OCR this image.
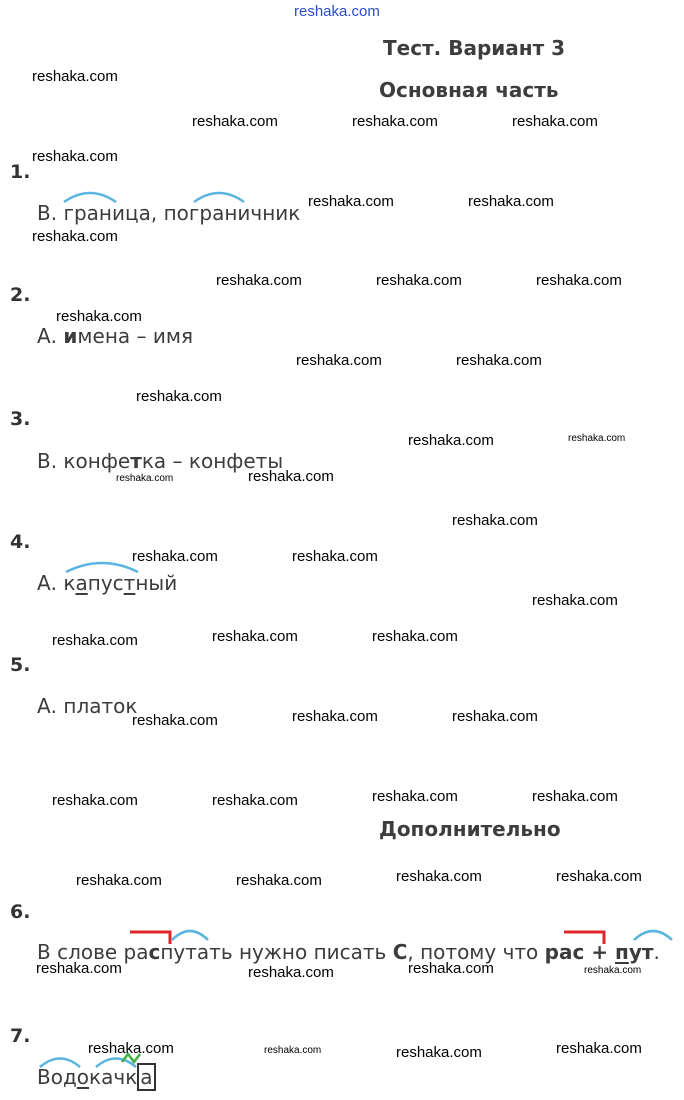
reshaka.com
Тест. Вариант 3
Основная часть
Дополнительно
1.
В. граница, пограничник
2.
А. имена – имя
3.
В. конфетка – конфеты
4.
А. капустный
5.
А. платок
6.
В слове распутать нужно писать С, потому что рас + пут.
7.
Водокачк а
reshaka.com
reshaka.com	reshaka.com	reshaka.com
reshaka.com
reshaka.com	reshaka.com
reshaka.com
reshaka.com	reshaka.com	reshaka.com
reshaka.com
reshaka.com	reshaka.com
reshaka.com
reshaka.com	reshaka.com
reshaka.com	reshaka.com
reshaka.com
reshaka.com	reshaka.com
reshaka.com
reshaka.com	reshaka.com	reshaka.com
reshaka.com	reshaka.com	reshaka.com
reshaka.com	reshaka.com	reshaka.com	reshaka.com
reshaka.com	reshaka.com	reshaka.com	reshaka.com
reshaka.com	reshaka.com	reshaka.com	reshaka.com
reshaka.com	reshaka.com	reshaka.com	reshaka.com
